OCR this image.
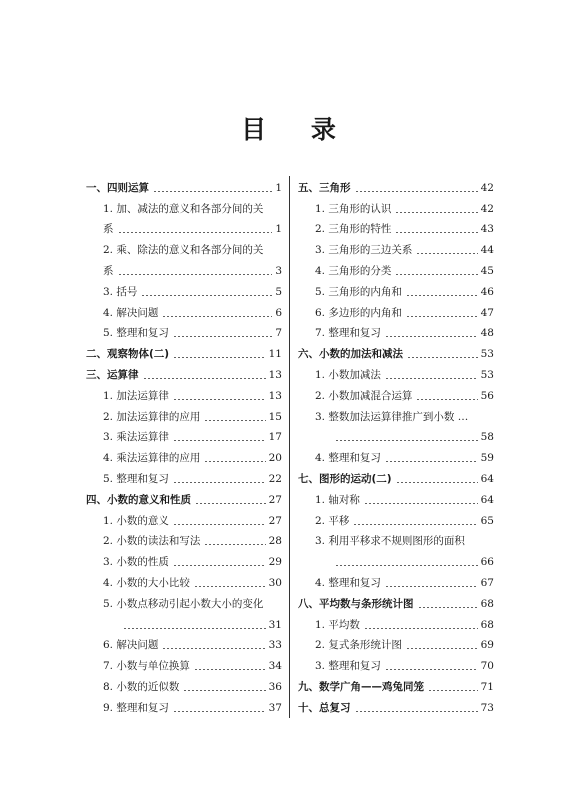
目 录
一、四则运算	1
1. 加、减法的意义和各部分间的关
系	1
2. 乘、除法的意义和各部分间的关
系	3
3. 括号	5
4. 解决问题	6
5. 整理和复习	7
二、观察物体(二)	11
三、运算律	13
1. 加法运算律	13
2. 加法运算律的应用	15
3. 乘法运算律	17
4. 乘法运算律的应用	20
5. 整理和复习	22
四、小数的意义和性质	27
1. 小数的意义	27
2. 小数的读法和写法	28
3. 小数的性质	29
4. 小数的大小比较	30
5. 小数点移动引起小数大小的变化
31
6. 解决问题	33
7. 小数与单位换算	34
8. 小数的近似数	36
9. 整理和复习	37
五、三角形	42
1. 三角形的认识	42
2. 三角形的特性	43
3. 三角形的三边关系	44
4. 三角形的分类	45
5. 三角形的内角和	46
6. 多边形的内角和	47
7. 整理和复习	48
六、小数的加法和减法	53
1. 小数加减法	53
2. 小数加减混合运算	56
3. 整数加法运算律推广到小数 …
58
4. 整理和复习	59
七、图形的运动(二)	64
1. 轴对称	64
2. 平移	65
3. 利用平移求不规则图形的面积
66
4. 整理和复习	67
八、平均数与条形统计图	68
1. 平均数	68
2. 复式条形统计图	69
3. 整理和复习	70
九、数学广角——鸡兔同笼	71
十、总复习	73
